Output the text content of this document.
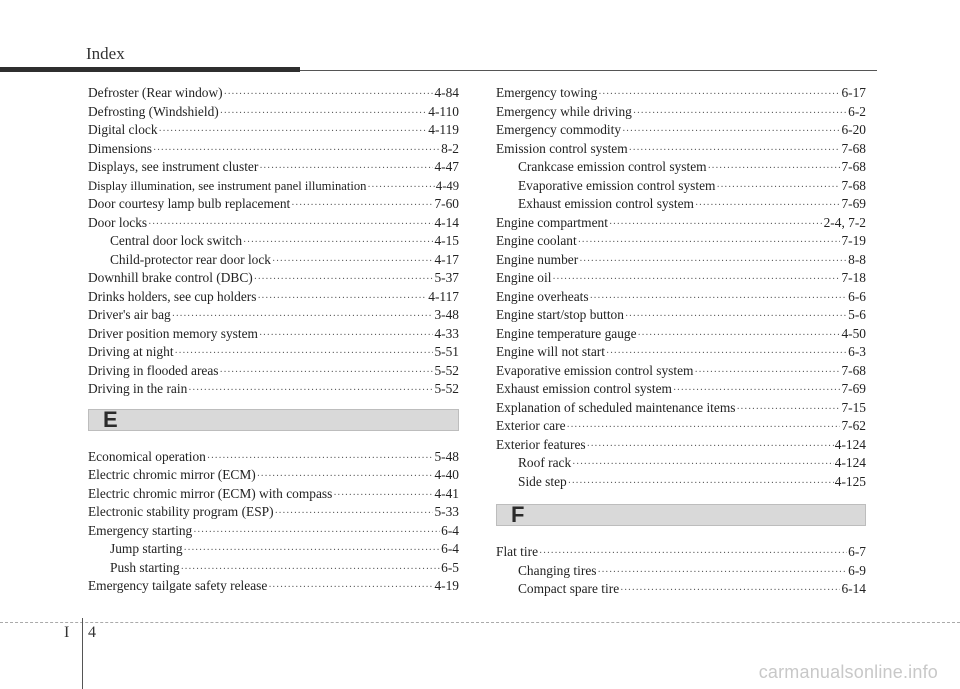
Index
Defroster (Rear window) ·····	4-84
Defrosting (Windshield) ·····	4-110
Digital clock ·····	4-119
Dimensions ·····	8-2
Displays, see instrument cluster ·····	4-47
Display illumination, see instrument panel illumination ·····	4-49
Door courtesy lamp bulb replacement ·····	7-60
Door locks ·····	4-14
Central door lock switch ·····	4-15
Child-protector rear door lock ·····	4-17
Downhill brake control (DBC) ·····	5-37
Drinks holders, see cup holders ·····	4-117
Driver's air bag ·····	3-48
Driver position memory system ·····	4-33
Driving at night ·····	5-51
Driving in flooded areas ·····	5-52
Driving in the rain ·····	5-52
E
Economical operation ·····	5-48
Electric chromic mirror (ECM) ·····	4-40
Electric chromic mirror (ECM) with compass ·····	4-41
Electronic stability program (ESP) ·····	5-33
Emergency starting ·····	6-4
Jump starting ·····	6-4
Push starting ·····	6-5
Emergency tailgate safety release ·····	4-19
Emergency towing ·····	6-17
Emergency while driving ·····	6-2
Emergency commodity ·····	6-20
Emission control system ·····	7-68
Crankcase emission control system ·····	7-68
Evaporative emission control system ·····	7-68
Exhaust emission control system ·····	7-69
Engine compartment ·····	2-4, 7-2
Engine coolant ·····	7-19
Engine number ·····	8-8
Engine oil ·····	7-18
Engine overheats ·····	6-6
Engine start/stop button ·····	5-6
Engine temperature gauge ·····	4-50
Engine will not start ·····	6-3
Evaporative emission control system ·····	7-68
Exhaust emission control system ·····	7-69
Explanation of scheduled maintenance items ·····	7-15
Exterior care ·····	7-62
Exterior features ·····	4-124
Roof rack ·····	4-124
Side step ·····	4-125
F
Flat tire ·····	6-7
Changing tires ·····	6-9
Compact spare tire ·····	6-14
I 4
carmanualsonline.info
